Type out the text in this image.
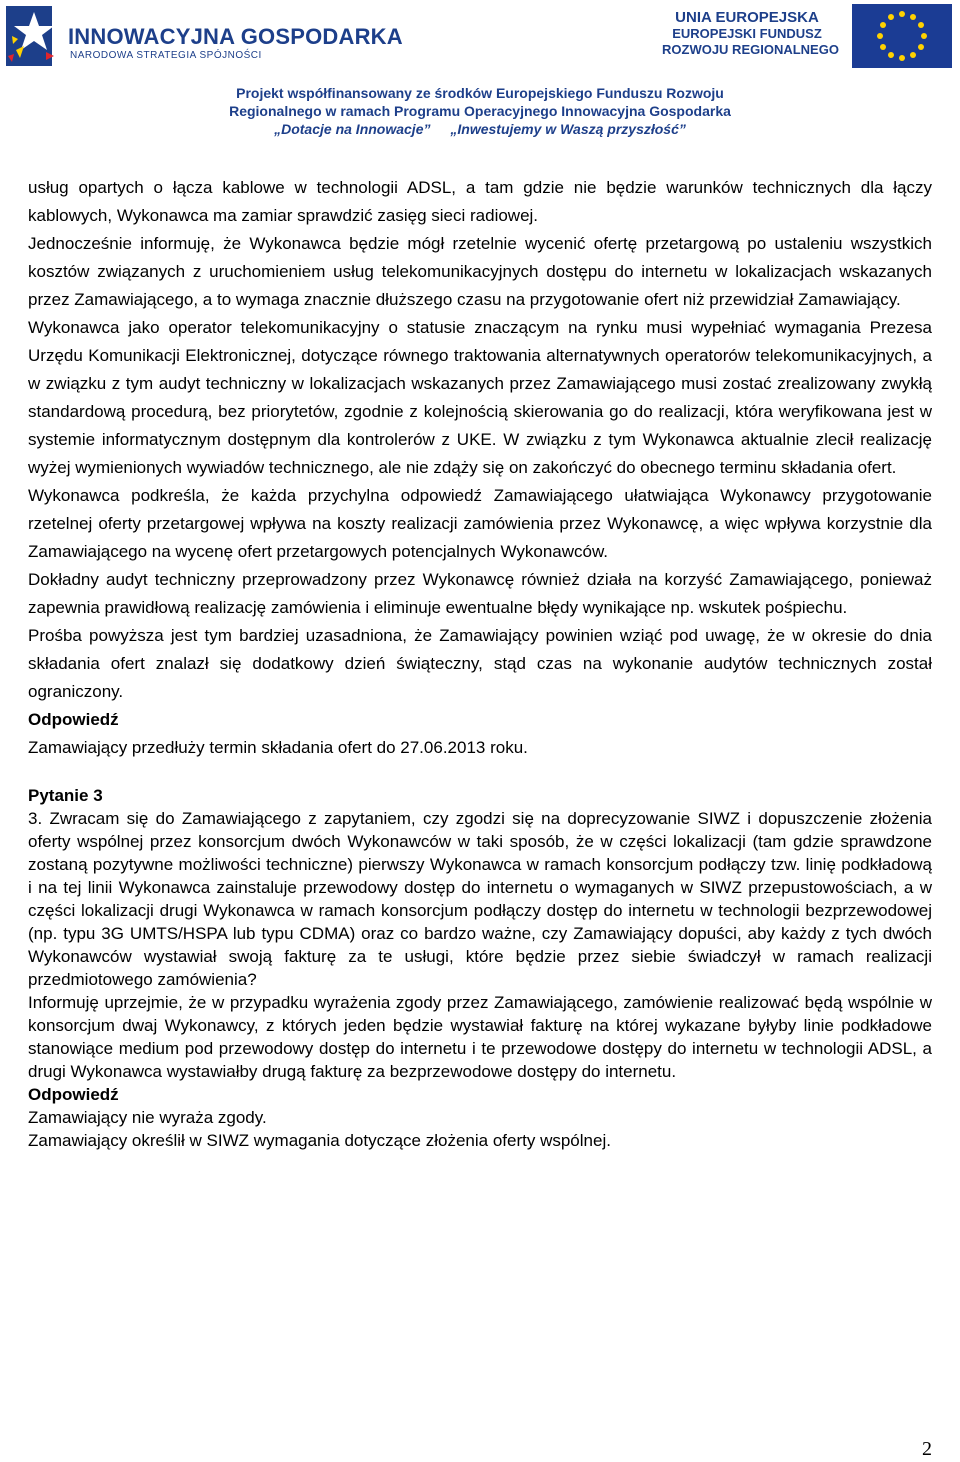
INNOWACYJNA GOSPODARKA
NARODOWA STRATEGIA SPÓJNOŚCI
UNIA EUROPEJSKA
EUROPEJSKI FUNDUSZ
ROZWOJU REGIONALNEGO
Projekt współfinansowany ze środków Europejskiego Funduszu Rozwoju
Regionalnego w ramach Programu Operacyjnego Innowacyjna Gospodarka
„Dotacje na Innowacje” „Inwestujemy w Waszą przyszłość”

usług opartych o łącza kablowe w technologii ADSL, a tam gdzie nie będzie warunków technicznych dla łączy kablowych, Wykonawca ma zamiar sprawdzić zasięg sieci radiowej.

Jednocześnie informuję, że Wykonawca będzie mógł rzetelnie wycenić ofertę przetargową po ustaleniu wszystkich kosztów związanych z uruchomieniem usług telekomunikacyjnych dostępu do internetu w lokalizacjach wskazanych przez Zamawiającego, a to wymaga znacznie dłuższego czasu na przygotowanie ofert niż przewidział Zamawiający.

Wykonawca jako operator telekomunikacyjny o statusie znaczącym na rynku musi wypełniać wymagania Prezesa Urzędu Komunikacji Elektronicznej, dotyczące równego traktowania alternatywnych operatorów telekomunikacyjnych, a w związku z tym audyt techniczny w lokalizacjach wskazanych przez Zamawiającego musi zostać zrealizowany zwykłą standardową procedurą, bez priorytetów, zgodnie z kolejnością skierowania go do realizacji, która weryfikowana jest w systemie informatycznym dostępnym dla kontrolerów z UKE. W związku z tym Wykonawca aktualnie zlecił realizację wyżej wymienionych wywiadów technicznego, ale nie zdąży się on zakończyć do obecnego terminu składania ofert.

Wykonawca podkreśla, że każda przychylna odpowiedź Zamawiającego ułatwiająca Wykonawcy przygotowanie rzetelnej oferty przetargowej wpływa na koszty realizacji zamówienia przez Wykonawcę, a więc wpływa korzystnie dla Zamawiającego na wycenę ofert przetargowych potencjalnych Wykonawców.

Dokładny audyt techniczny przeprowadzony przez Wykonawcę również działa na korzyść Zamawiającego, ponieważ zapewnia prawidłową realizację zamówienia i eliminuje ewentualne błędy wynikające np. wskutek pośpiechu.

Prośba powyższa jest tym bardziej uzasadniona, że Zamawiający powinien wziąć pod uwagę, że w okresie do dnia składania ofert znalazł się dodatkowy dzień świąteczny, stąd czas na wykonanie audytów technicznych został ograniczony.

Odpowiedź

Zamawiający przedłuży termin składania ofert do 27.06.2013 roku.

Pytanie 3

3. Zwracam się do Zamawiającego z zapytaniem, czy zgodzi się na doprecyzowanie SIWZ i dopuszczenie złożenia oferty wspólnej przez konsorcjum dwóch Wykonawców w taki sposób, że w części lokalizacji (tam gdzie sprawdzone zostaną pozytywne możliwości techniczne) pierwszy Wykonawca w ramach konsorcjum podłączy tzw. linię podkładową i na tej linii Wykonawca zainstaluje przewodowy dostęp do internetu o wymaganych w SIWZ przepustowościach, a w części lokalizacji drugi Wykonawca w ramach konsorcjum podłączy dostęp do internetu w technologii bezprzewodowej (np. typu 3G UMTS/HSPA lub typu CDMA) oraz co bardzo ważne, czy Zamawiający dopuści, aby każdy z tych dwóch Wykonawców wystawiał swoją fakturę za te usługi, które będzie przez siebie świadczył w ramach realizacji przedmiotowego zamówienia?

Informuję uprzejmie, że w przypadku wyrażenia zgody przez Zamawiającego, zamówienie realizować będą wspólnie w konsorcjum dwaj Wykonawcy, z których jeden będzie wystawiał fakturę na której wykazane byłyby linie podkładowe stanowiące medium pod przewodowy dostęp do internetu i te przewodowe dostępy do internetu w technologii ADSL, a drugi Wykonawca wystawiałby drugą fakturę za bezprzewodowe dostępy do internetu.

Odpowiedź

Zamawiający nie wyraża zgody.

Zamawiający określił w SIWZ wymagania dotyczące złożenia oferty wspólnej.

2
